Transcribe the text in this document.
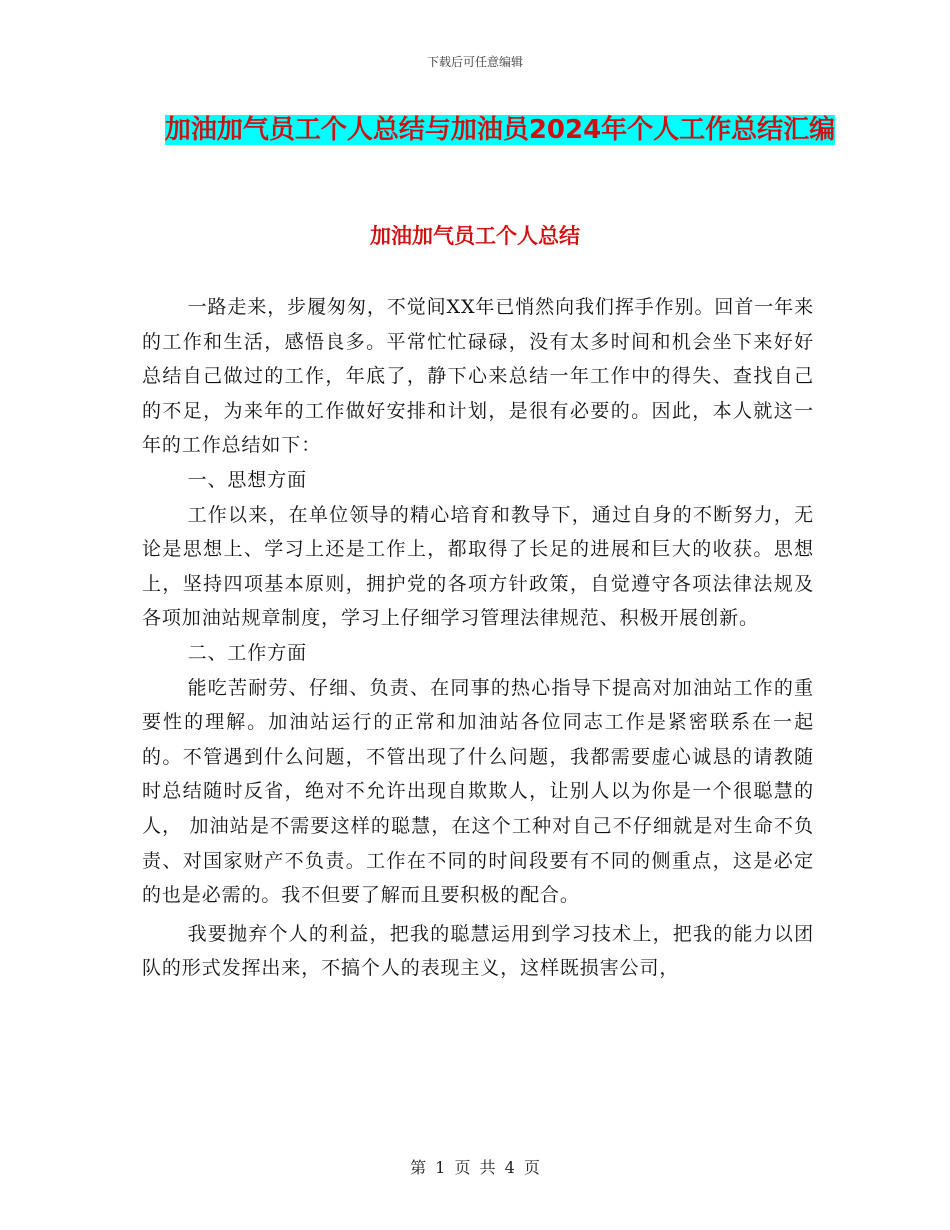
下载后可任意编辑
加油加气员工个人总结与加油员2024年个人工作总结汇编
加油加气员工个人总结

一路走来，步履匆匆，不觉间XX年已悄然向我们挥手作别。回首一年来的工作和生活，感悟良多。平常忙忙碌碌，没有太多时间和机会坐下来好好总结自己做过的工作，年底了，静下心来总结一年工作中的得失、查找自己的不足，为来年的工作做好安排和计划，是很有必要的。因此，本人就这一年的工作总结如下：

一、思想方面

工作以来，在单位领导的精心培育和教导下，通过自身的不断努力，无论是思想上、学习上还是工作上，都取得了长足的进展和巨大的收获。思想上，坚持四项基本原则，拥护党的各项方针政策，自觉遵守各项法律法规及各项加油站规章制度，学习上仔细学习管理法律规范、积极开展创新。

二、工作方面

能吃苦耐劳、仔细、负责、在同事的热心指导下提高对加油站工作的重要性的理解。加油站运行的正常和加油站各位同志工作是紧密联系在一起的。不管遇到什么问题，不管出现了什么问题，我都需要虚心诚恳的请教随时总结随时反省，绝对不允许出现自欺欺人，让别人以为你是一个很聪慧的人， 加油站是不需要这样的聪慧，在这个工种对自己不仔细就是对生命不负责、对国家财产不负责。工作在不同的时间段要有不同的侧重点，这是必定的也是必需的。我不但要了解而且要积极的配合。

我要抛弃个人的利益，把我的聪慧运用到学习技术上，把我的能力以团队的形式发挥出来，不搞个人的表现主义，这样既损害公司，

第 1 页 共 4 页
